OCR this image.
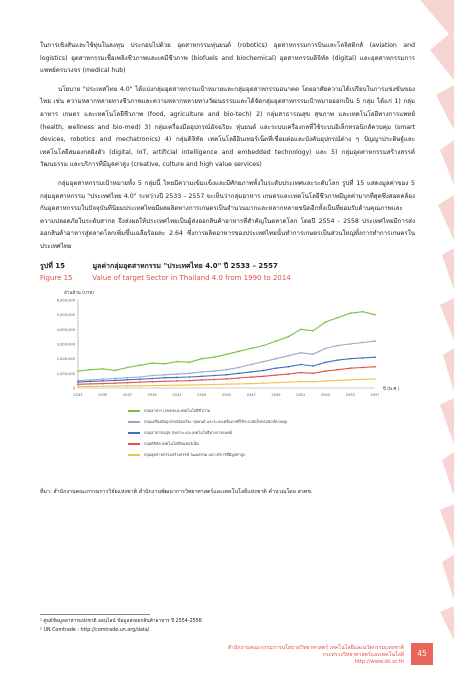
ในการเชิงสันและใช้ทุนในลงทุน ประกอบไปด้วย อุตสาหกรรมหุ่นยนต์ (robotics) อุตสาหกรรมการบินและโลจิสติกส์ (aviation and logistics) อุตสาหกรรมเชื้อเพลิงชีวภาพและเคมีชีวภาพ (biofuels and biochemical) อุตสาหกรรมดิจิทัล (digital) และอุตสาหกรรมการแพทย์ครบวงจร (medical hub)

นโยบาย "ประเทศไทย 4.0" ได้แบ่งกลุ่มอุตสาหกรรมเป้าหมายและกลุ่มอุตสาหกรรมอนาคต โดยอาศัยความได้เปรียบในการแข่งขันของไทย เช่น ความหลากหลายทางชีวภาพและความหลากหลายทางวัฒนธรรมและได้จัดกลุ่มอุตสาหกรรมเป้าหมายออกเป็น 5 กลุ่ม ได้แก่ 1) กลุ่มอาหาร เกษตร และเทคโนโลยีชีวภาพ (food, agriculture and bio-tech) 2) กลุ่มสาธารณสุข สุขภาพ และเทคโนโลยีทางการแพทย์ (health, wellness and bio-med) 3) กลุ่มเครื่องมืออุปกรณ์อัจฉริยะ หุ่นยนต์ และระบบเครื่องกลที่ใช้ระบบอิเล็กทรอนิกส์ควบคุม (smart devices, robotics and mechatronics) 4) กลุ่มดิจิทัล เทคโนโลยีอินเทอร์เน็ตที่เชื่อมต่อและบังคับอุปกรณ์ต่าง ๆ ปัญญาประดิษฐ์และเทคโนโลยีสมองกลฝังตัว (digital, IoT, artificial intelligence and embedded technology) และ 5) กลุ่มอุตสาหกรรมสร้างสรรค์ วัฒนธรรม และบริการที่มีมูลค่าสูง (creative, culture and high value services)

กลุ่มอุตสาหกรรมเป้าหมายทั้ง 5 กลุ่มนี้ ไทยมีความเข้มแข็งและมีศักยภาพทั้งในระดับประเทศและระดับโลก รูปที่ 15 แสดงมูลค่าของ 5 กลุ่มอุตสาหกรรม "ประเทศไทย 4.0" ระหว่างปี 2533 – 2557 จะเห็นว่ากลุ่มอาหาร เกษตรและเทคโนโลยีชีวภาพมีมูลค่ามากที่สุดซึ่งสอดคล้องกับอุตสาหกรรมในปัจจุบันที่นิยมประเทศไทยมีผลผลิตทางการเกษตรเป็นจำนวนมากและหลากหลายชนิดอีกทั้งเป็นที่ยอมรับด้านคุณภาพและความปลอดภัยในระดับสากล จึงส่งผลให้ประเทศไทยเป็นผู้ส่งออกสินค้าอาหารที่สำคัญในตลาดโลก โดยปี 2554 - 2558 ประเทศไทยมีการส่งออกสินค้าอาหารสู่ตลาดโลกเพิ่มขึ้นเฉลี่ยร้อยละ 2.64 ซึ่งการผลิตอาหารของประเทศไทยนั้นทำการเกษตรเป็นส่วนใหญ่ทั้งการทำการเกษตรในประเทศไทย

รูปที่ 15	มูลค่ากลุ่มอุตสาหกรรม "ประเทศไทย 4.0" ปี 2533 – 2557
Figure 15	Value of target Sector in Thailand 4.0 from 1990 to 2014
ล้านล้าน (บาท)
ปี (พ.ศ.)
0
1,000,000
2,000,000
3,000,000
4,000,000
5,000,000
6,000,000
2533	2535	2537	2539	2541	2543	2545	2547	2549	2551	2553	2555	2557
กลุ่มอาหาร เกษตรและเทคโนโลยีชีวภาพ
กลุ่มเครื่องมืออุปกรณ์อัจฉริยะ หุ่นยนต์ และระบบเครื่องกลที่ใช้ระบบอิเล็กทรอนิกส์ควบคุม
กลุ่มสาธารณสุข สุขภาพ และเทคโนโลยีทางการแพทย์
กลุ่มดิจิทัล เทคโนโลยีอินเทอร์เน็ต
กลุ่มอุตสาหกรรมสร้างสรรค์ วัฒนธรรม และบริการที่มีมูลค่าสูง
ที่มา: สำนักงานคณะกรรมการวิจัยแห่งชาติ สำนักงานพัฒนาการวิทยาศาสตร์และเทคโนโลยีแห่งชาติ คำนวณโดย สวทช.
¹ ศูนย์ข้อมูลอาหารแห่งชาติ ออนไลน์ ข้อมูลส่งออกสินค้าอาหาร ปี 2554-2558
² UN Comtrade : http://comtrade.un.org/data/
สำนักงานคณะกรรมการนโยบายวิทยาศาสตร์ เทคโนโลยีและนวัตกรรมแห่งชาติ
กระทรวงวิทยาศาสตร์และเทคโนโลยี
http://www.sti.or.th
45
